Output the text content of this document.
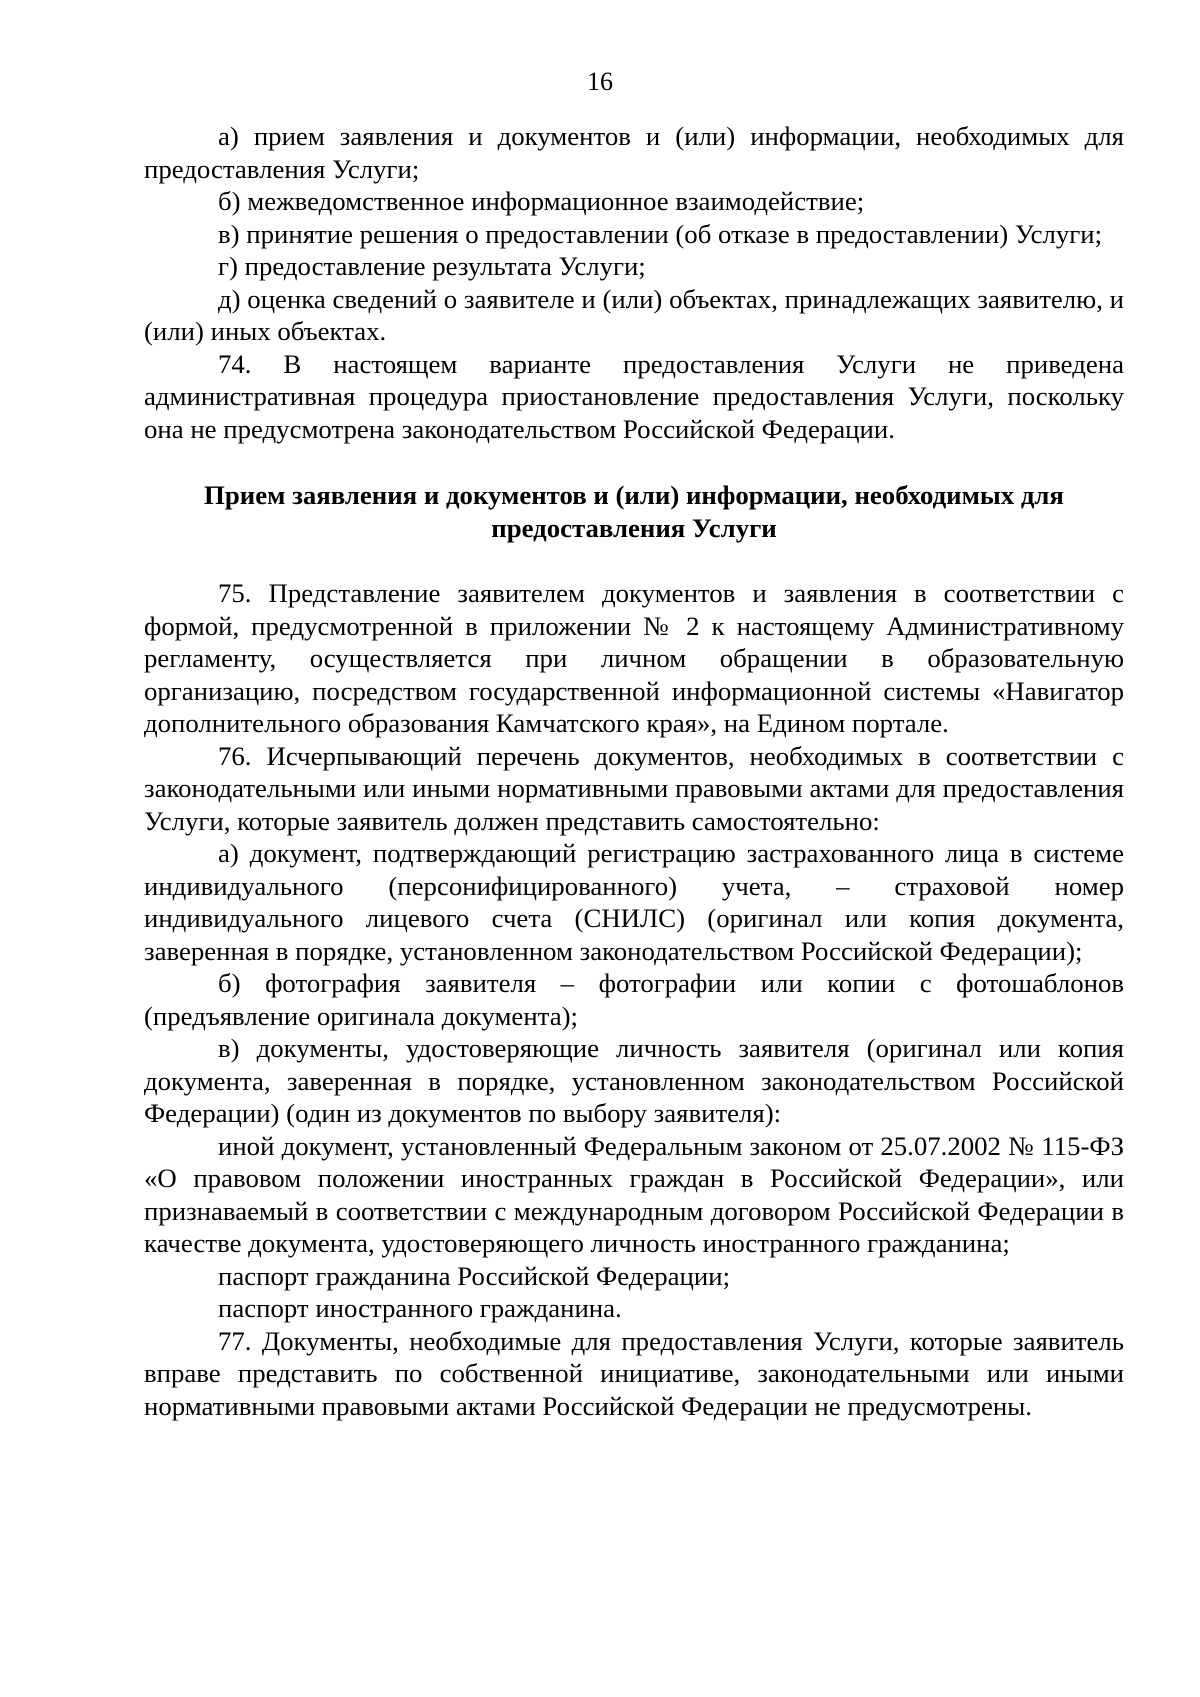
16

а) прием заявления и документов и (или) информации, необходимых для предоставления Услуги;

б) межведомственное информационное взаимодействие;

в) принятие решения о предоставлении (об отказе в предоставлении) Услуги;

г) предоставление результата Услуги;

д) оценка сведений о заявителе и (или) объектах, принадлежащих заявителю, и (или) иных объектах.

74. В настоящем варианте предоставления Услуги не приведена административная процедура приостановление предоставления Услуги, поскольку она не предусмотрена законодательством Российской Федерации.

Прием заявления и документов и (или) информации, необходимых для предоставления Услуги

75. Представление заявителем документов и заявления в соответствии с формой, предусмотренной в приложении № 2 к настоящему Административному регламенту, осуществляется при личном обращении в образовательную организацию, посредством государственной информационной системы «Навигатор дополнительного образования Камчатского края», на Едином портале.

76. Исчерпывающий перечень документов, необходимых в соответствии с законодательными или иными нормативными правовыми актами для предоставления Услуги, которые заявитель должен представить самостоятельно:

а) документ, подтверждающий регистрацию застрахованного лица в системе индивидуального (персонифицированного) учета, – страховой номер индивидуального лицевого счета (СНИЛС) (оригинал или копия документа, заверенная в порядке, установленном законодательством Российской Федерации);

б) фотография заявителя – фотографии или копии с фотошаблонов (предъявление оригинала документа);

в) документы, удостоверяющие личность заявителя (оригинал или копия документа, заверенная в порядке, установленном законодательством Российской Федерации) (один из документов по выбору заявителя):

иной документ, установленный Федеральным законом от 25.07.2002 № 115-ФЗ «О правовом положении иностранных граждан в Российской Федерации», или признаваемый в соответствии с международным договором Российской Федерации в качестве документа, удостоверяющего личность иностранного гражданина;

паспорт гражданина Российской Федерации;

паспорт иностранного гражданина.

77. Документы, необходимые для предоставления Услуги, которые заявитель вправе представить по собственной инициативе, законодательными или иными нормативными правовыми актами Российской Федерации не предусмотрены.
